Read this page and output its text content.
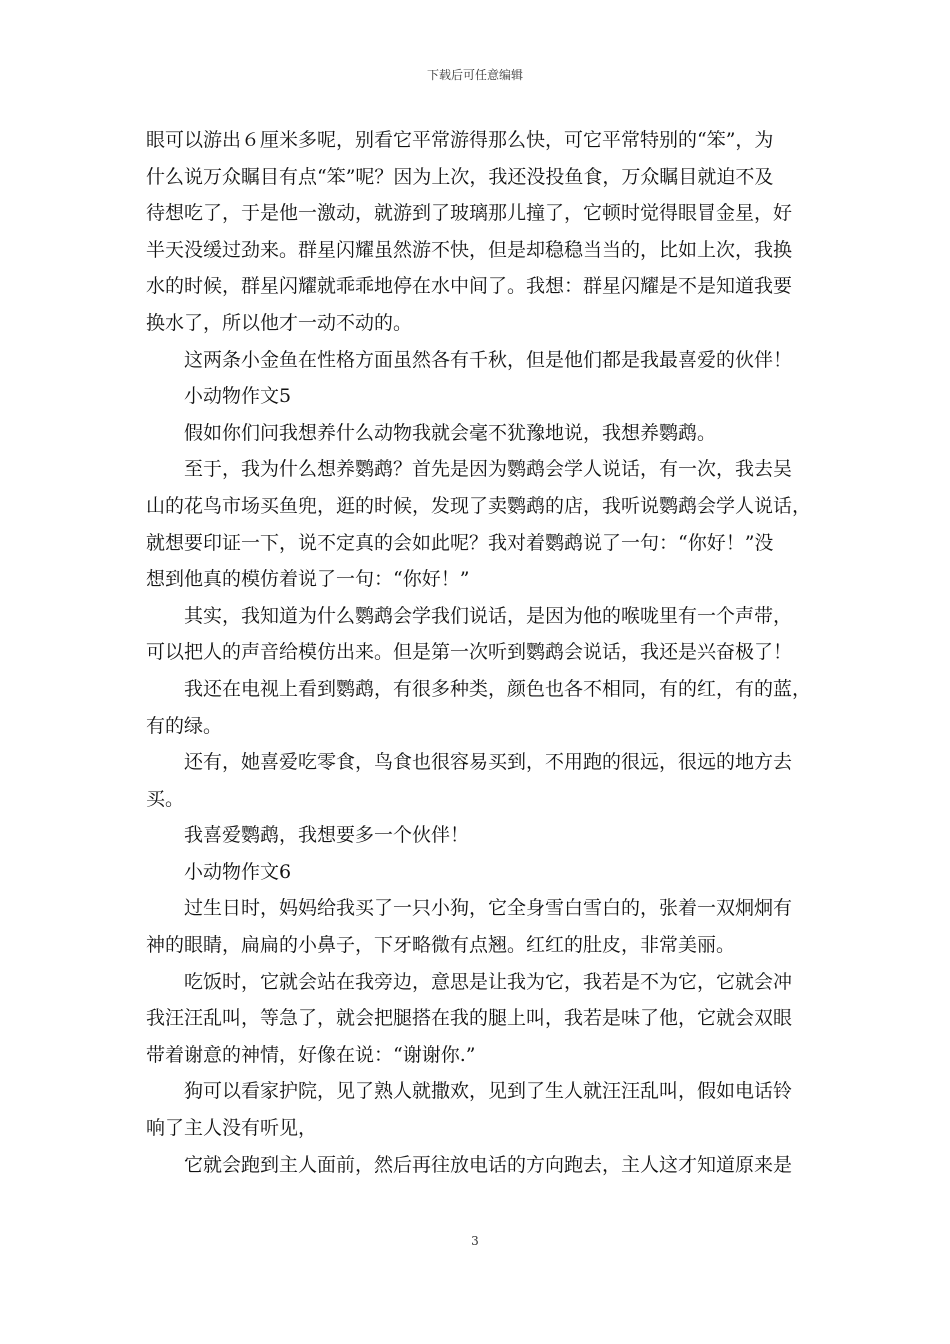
下载后可任意编辑
眼可以游出６厘米多呢，别看它平常游得那么快，可它平常特别的“笨”，为
什么说万众瞩目有点“笨”呢？因为上次，我还没投鱼食，万众瞩目就迫不及
待想吃了，于是他一激动，就游到了玻璃那儿撞了，它顿时觉得眼冒金星，好
半天没缓过劲来。群星闪耀虽然游不快，但是却稳稳当当的，比如上次，我换
水的时候，群星闪耀就乖乖地停在水中间了。我想：群星闪耀是不是知道我要
换水了，所以他才一动不动的。
这两条小金鱼在性格方面虽然各有千秋，但是他们都是我最喜爱的伙伴！
小动物作文5
假如你们问我想养什么动物我就会毫不犹豫地说，我想养鹦鹉。
至于，我为什么想养鹦鹉？首先是因为鹦鹉会学人说话，有一次，我去吴
山的花鸟市场买鱼兜，逛的时候，发现了卖鹦鹉的店，我听说鹦鹉会学人说话，
就想要印证一下，说不定真的会如此呢？我对着鹦鹉说了一句：“你好！”没
想到他真的模仿着说了一句：“你好！”
其实，我知道为什么鹦鹉会学我们说话，是因为他的喉咙里有一个声带，
可以把人的声音给模仿出来。但是第一次听到鹦鹉会说话，我还是兴奋极了！
我还在电视上看到鹦鹉，有很多种类，颜色也各不相同，有的红，有的蓝，
有的绿。
还有，她喜爱吃零食，鸟食也很容易买到，不用跑的很远，很远的地方去
买。
我喜爱鹦鹉，我想要多一个伙伴！
小动物作文6
过生日时，妈妈给我买了一只小狗，它全身雪白雪白的，张着一双炯炯有
神的眼睛，扁扁的小鼻子，下牙略微有点翘。红红的肚皮，非常美丽。
吃饭时，它就会站在我旁边，意思是让我为它，我若是不为它，它就会冲
我汪汪乱叫，等急了，就会把腿搭在我的腿上叫，我若是味了他，它就会双眼
带着谢意的神情，好像在说：“谢谢你.”
狗可以看家护院，见了熟人就撒欢，见到了生人就汪汪乱叫，假如电话铃
响了主人没有听见，
它就会跑到主人面前，然后再往放电话的方向跑去，主人这才知道原来是
3
